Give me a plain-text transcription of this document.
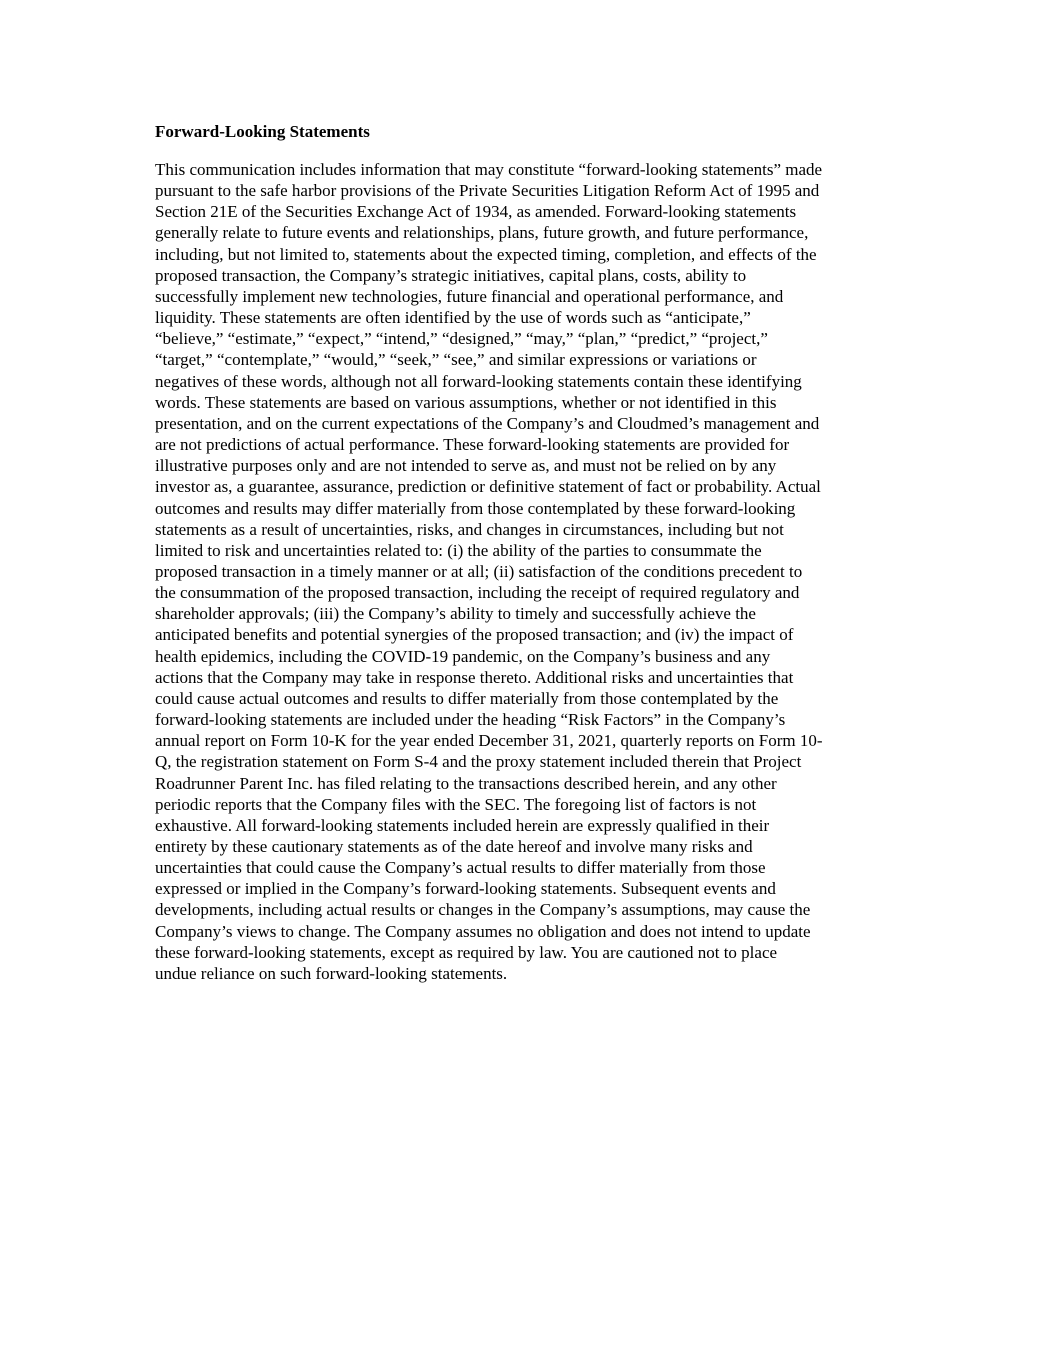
Forward-Looking Statements

This communication includes information that may constitute “forward-looking statements” made
pursuant to the safe harbor provisions of the Private Securities Litigation Reform Act of 1995 and
Section 21E of the Securities Exchange Act of 1934, as amended. Forward-looking statements
generally relate to future events and relationships, plans, future growth, and future performance,
including, but not limited to, statements about the expected timing, completion, and effects of the
proposed transaction, the Company’s strategic initiatives, capital plans, costs, ability to
successfully implement new technologies, future financial and operational performance, and
liquidity. These statements are often identified by the use of words such as “anticipate,”
“believe,” “estimate,” “expect,” “intend,” “designed,” “may,” “plan,” “predict,” “project,”
“target,” “contemplate,” “would,” “seek,” “see,” and similar expressions or variations or
negatives of these words, although not all forward-looking statements contain these identifying
words. These statements are based on various assumptions, whether or not identified in this
presentation, and on the current expectations of the Company’s and Cloudmed’s management and
are not predictions of actual performance. These forward-looking statements are provided for
illustrative purposes only and are not intended to serve as, and must not be relied on by any
investor as, a guarantee, assurance, prediction or definitive statement of fact or probability. Actual
outcomes and results may differ materially from those contemplated by these forward-looking
statements as a result of uncertainties, risks, and changes in circumstances, including but not
limited to risk and uncertainties related to: (i) the ability of the parties to consummate the
proposed transaction in a timely manner or at all; (ii) satisfaction of the conditions precedent to
the consummation of the proposed transaction, including the receipt of required regulatory and
shareholder approvals; (iii) the Company’s ability to timely and successfully achieve the
anticipated benefits and potential synergies of the proposed transaction; and (iv) the impact of
health epidemics, including the COVID-19 pandemic, on the Company’s business and any
actions that the Company may take in response thereto. Additional risks and uncertainties that
could cause actual outcomes and results to differ materially from those contemplated by the
forward-looking statements are included under the heading “Risk Factors” in the Company’s
annual report on Form 10-K for the year ended December 31, 2021, quarterly reports on Form 10-
Q, the registration statement on Form S-4 and the proxy statement included therein that Project
Roadrunner Parent Inc. has filed relating to the transactions described herein, and any other
periodic reports that the Company files with the SEC. The foregoing list of factors is not
exhaustive. All forward-looking statements included herein are expressly qualified in their
entirety by these cautionary statements as of the date hereof and involve many risks and
uncertainties that could cause the Company’s actual results to differ materially from those
expressed or implied in the Company’s forward-looking statements. Subsequent events and
developments, including actual results or changes in the Company’s assumptions, may cause the
Company’s views to change. The Company assumes no obligation and does not intend to update
these forward-looking statements, except as required by law. You are cautioned not to place
undue reliance on such forward-looking statements.
